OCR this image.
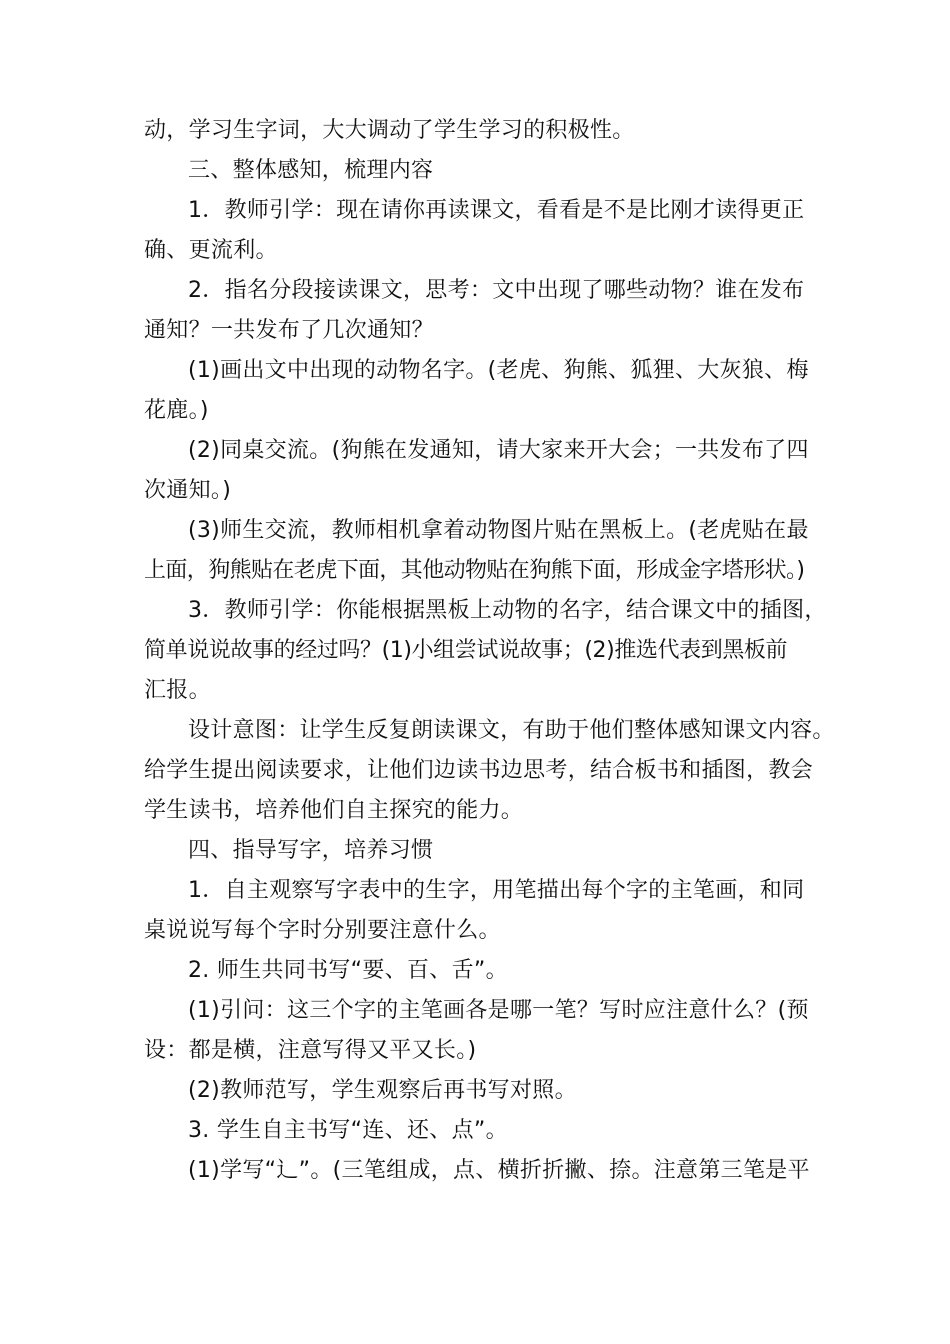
动，学习生字词，大大调动了学生学习的积极性。
三、整体感知，梳理内容
1．教师引学：现在请你再读课文，看看是不是比刚才读得更正
确、更流利。
2．指名分段接读课文，思考：文中出现了哪些动物？谁在发布
通知？一共发布了几次通知？
(1)画出文中出现的动物名字。(老虎、狗熊、狐狸、大灰狼、梅
花鹿。)
(2)同桌交流。(狗熊在发通知，请大家来开大会；一共发布了四
次通知。)
(3)师生交流，教师相机拿着动物图片贴在黑板上。(老虎贴在最
上面，狗熊贴在老虎下面，其他动物贴在狗熊下面，形成金字塔形状。)
3．教师引学：你能根据黑板上动物的名字，结合课文中的插图，
简单说说故事的经过吗？(1)小组尝试说故事；(2)推选代表到黑板前
汇报。
设计意图：让学生反复朗读课文，有助于他们整体感知课文内容。
给学生提出阅读要求，让他们边读书边思考，结合板书和插图，教会
学生读书，培养他们自主探究的能力。
四、指导写字，培养习惯
1．自主观察写字表中的生字，用笔描出每个字的主笔画，和同
桌说说写每个字时分别要注意什么。
2. 师生共同书写“要、百、舌”。
(1)引问：这三个字的主笔画各是哪一笔？写时应注意什么？(预
设：都是横，注意写得又平又长。)
(2)教师范写，学生观察后再书写对照。
3. 学生自主书写“连、还、点”。
(1)学写“辶”。(三笔组成，点、横折折撇、捺。注意第三笔是平
